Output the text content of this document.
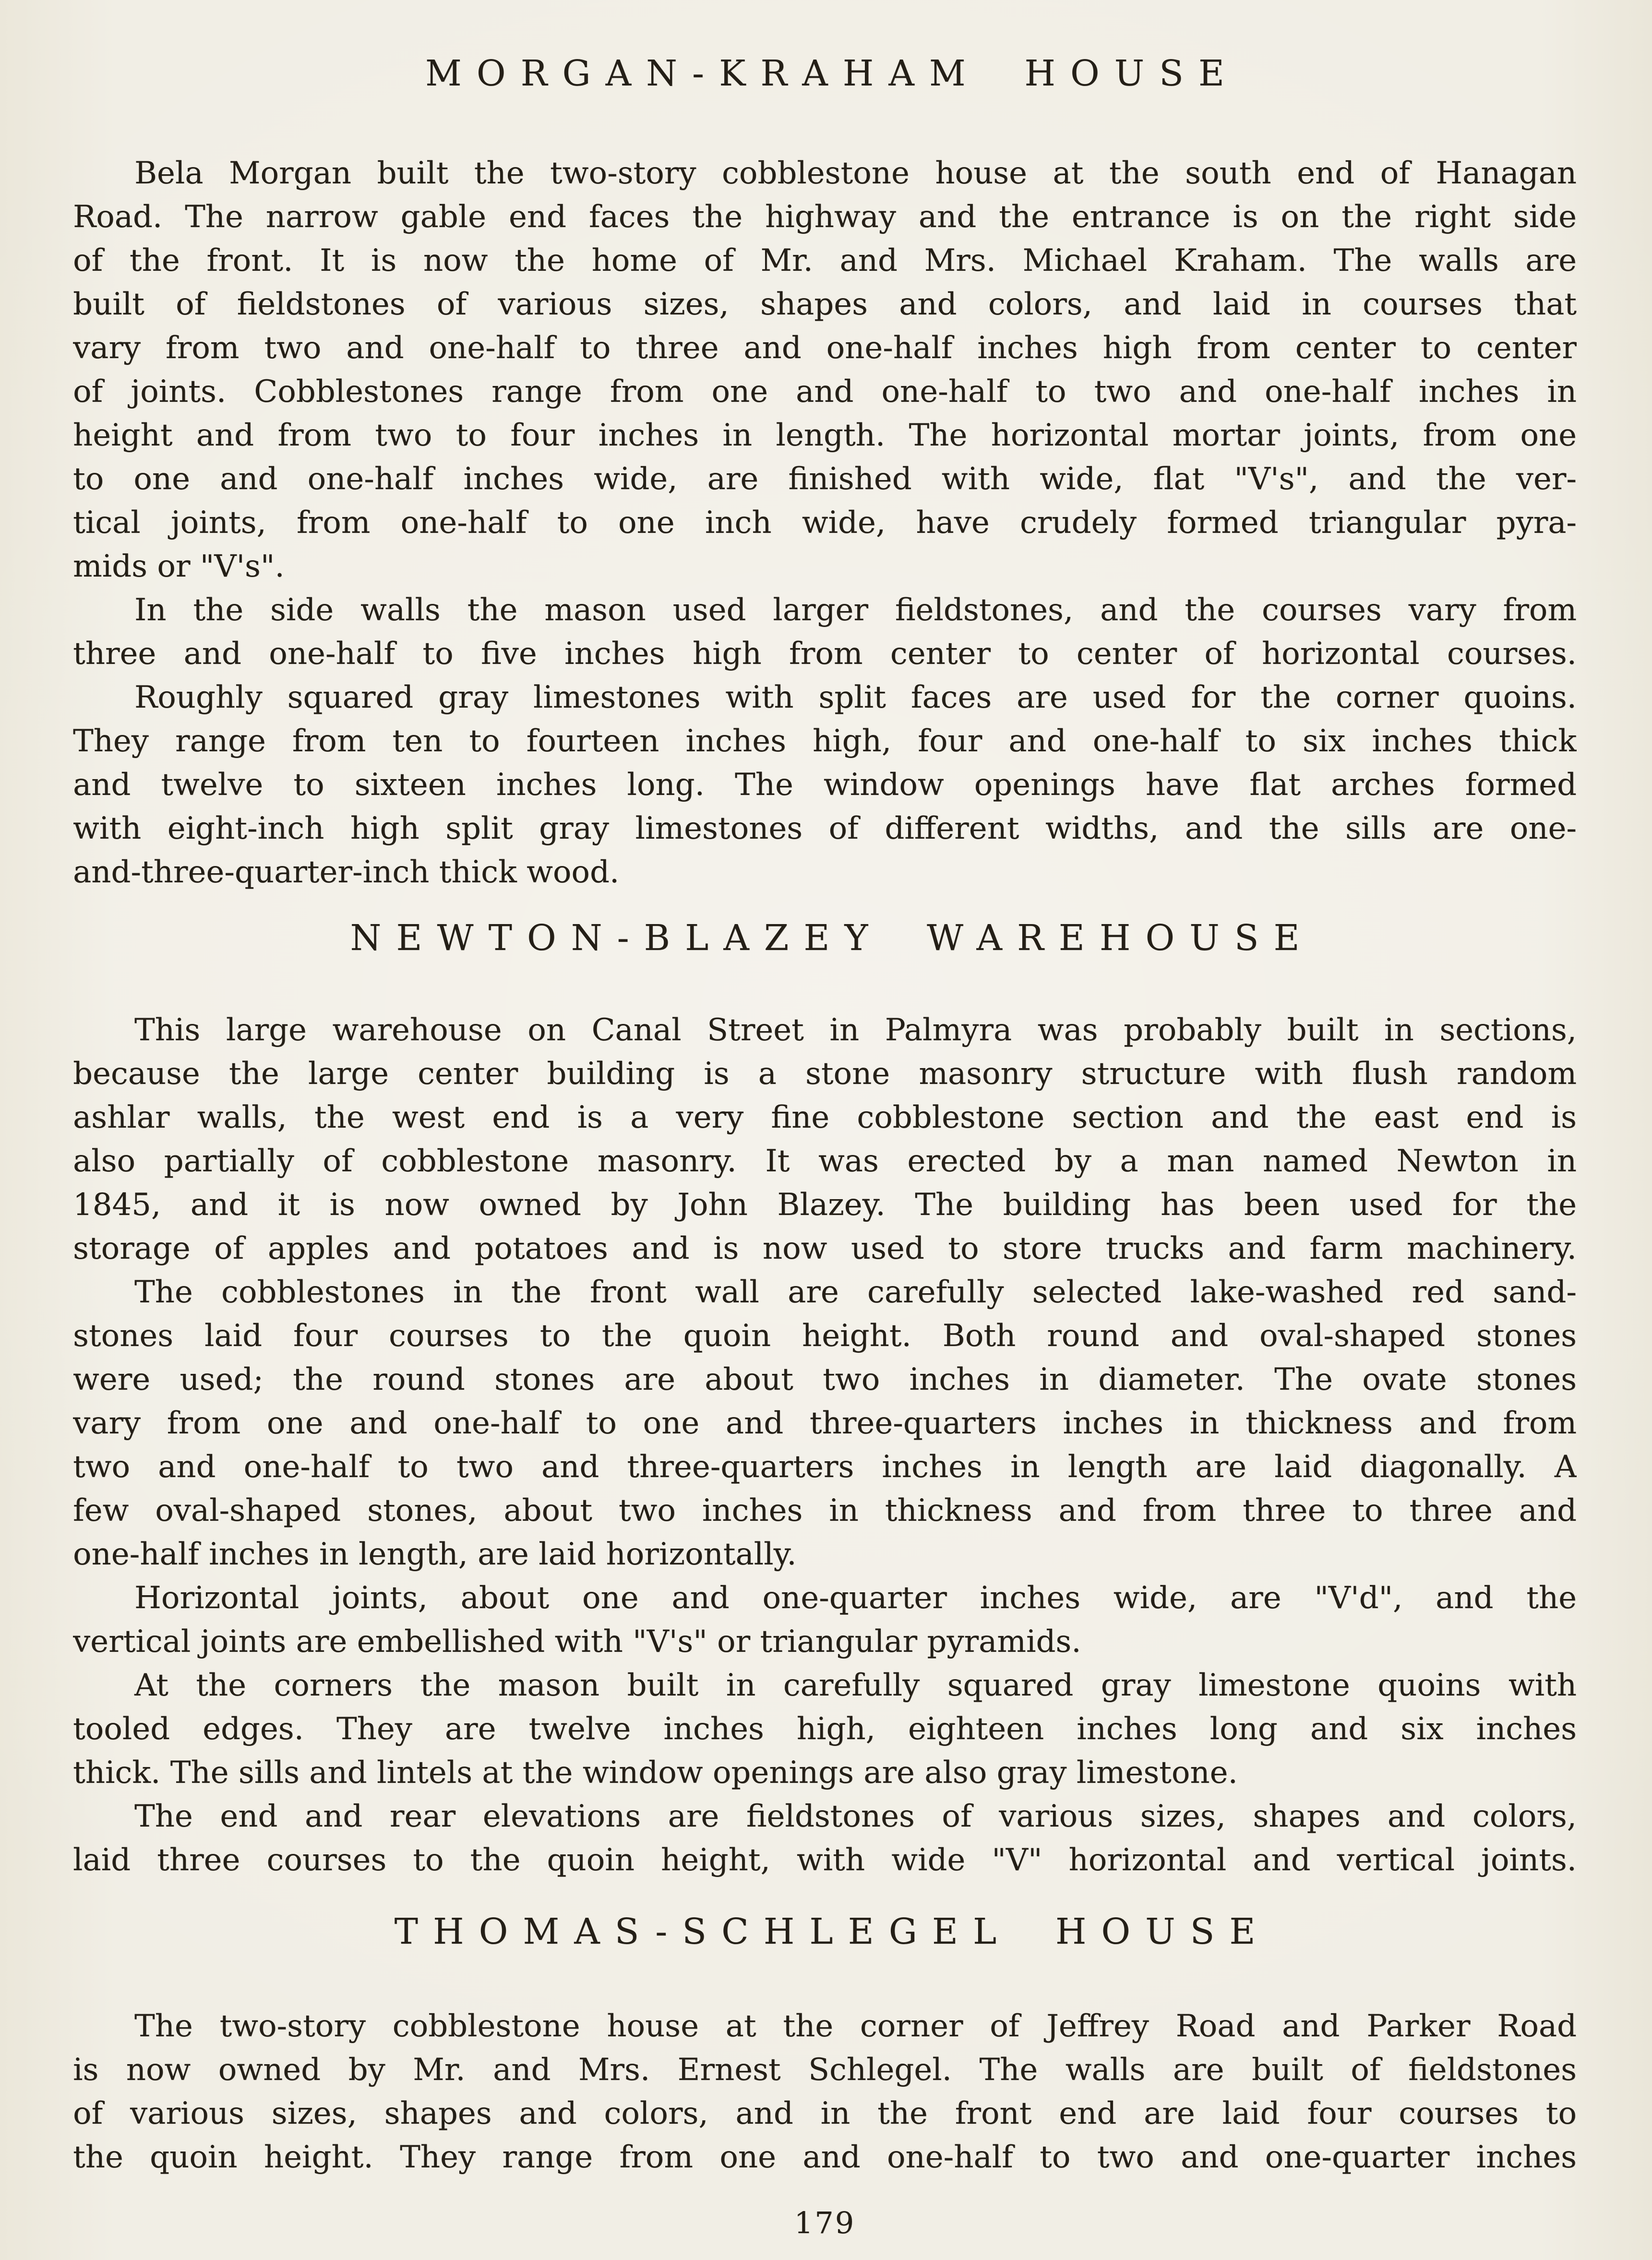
MORGAN-KRAHAM HOUSE
Bela Morgan built the two-story cobblestone house at the south end of Hanagan
Road. The narrow gable end faces the highway and the entrance is on the right side
of the front. It is now the home of Mr. and Mrs. Michael Kraham. The walls are
built of fieldstones of various sizes, shapes and colors, and laid in courses that
vary from two and one-half to three and one-half inches high from center to center
of joints. Cobblestones range from one and one-half to two and one-half inches in
height and from two to four inches in length. The horizontal mortar joints, from one
to one and one-half inches wide, are finished with wide, flat "V's", and the ver-
tical joints, from one-half to one inch wide, have crudely formed triangular pyra-
mids or "V's".
In the side walls the mason used larger fieldstones, and the courses vary from
three and one-half to five inches high from center to center of horizontal courses.
Roughly squared gray limestones with split faces are used for the corner quoins.
They range from ten to fourteen inches high, four and one-half to six inches thick
and twelve to sixteen inches long. The window openings have flat arches formed
with eight-inch high split gray limestones of different widths, and the sills are one-
and-three-quarter-inch thick wood.
NEWTON-BLAZEY WAREHOUSE
This large warehouse on Canal Street in Palmyra was probably built in sections,
because the large center building is a stone masonry structure with flush random
ashlar walls, the west end is a very fine cobblestone section and the east end is
also partially of cobblestone masonry. It was erected by a man named Newton in
1845, and it is now owned by John Blazey. The building has been used for the
storage of apples and potatoes and is now used to store trucks and farm machinery.
The cobblestones in the front wall are carefully selected lake-washed red sand-
stones laid four courses to the quoin height. Both round and oval-shaped stones
were used; the round stones are about two inches in diameter. The ovate stones
vary from one and one-half to one and three-quarters inches in thickness and from
two and one-half to two and three-quarters inches in length are laid diagonally. A
few oval-shaped stones, about two inches in thickness and from three to three and
one-half inches in length, are laid horizontally.
Horizontal joints, about one and one-quarter inches wide, are "V'd", and the
vertical joints are embellished with "V's" or triangular pyramids.
At the corners the mason built in carefully squared gray limestone quoins with
tooled edges. They are twelve inches high, eighteen inches long and six inches
thick. The sills and lintels at the window openings are also gray limestone.
The end and rear elevations are fieldstones of various sizes, shapes and colors,
laid three courses to the quoin height, with wide "V" horizontal and vertical joints.
THOMAS-SCHLEGEL HOUSE
The two-story cobblestone house at the corner of Jeffrey Road and Parker Road
is now owned by Mr. and Mrs. Ernest Schlegel. The walls are built of fieldstones
of various sizes, shapes and colors, and in the front end are laid four courses to
the quoin height. They range from one and one-half to two and one-quarter inches
179
